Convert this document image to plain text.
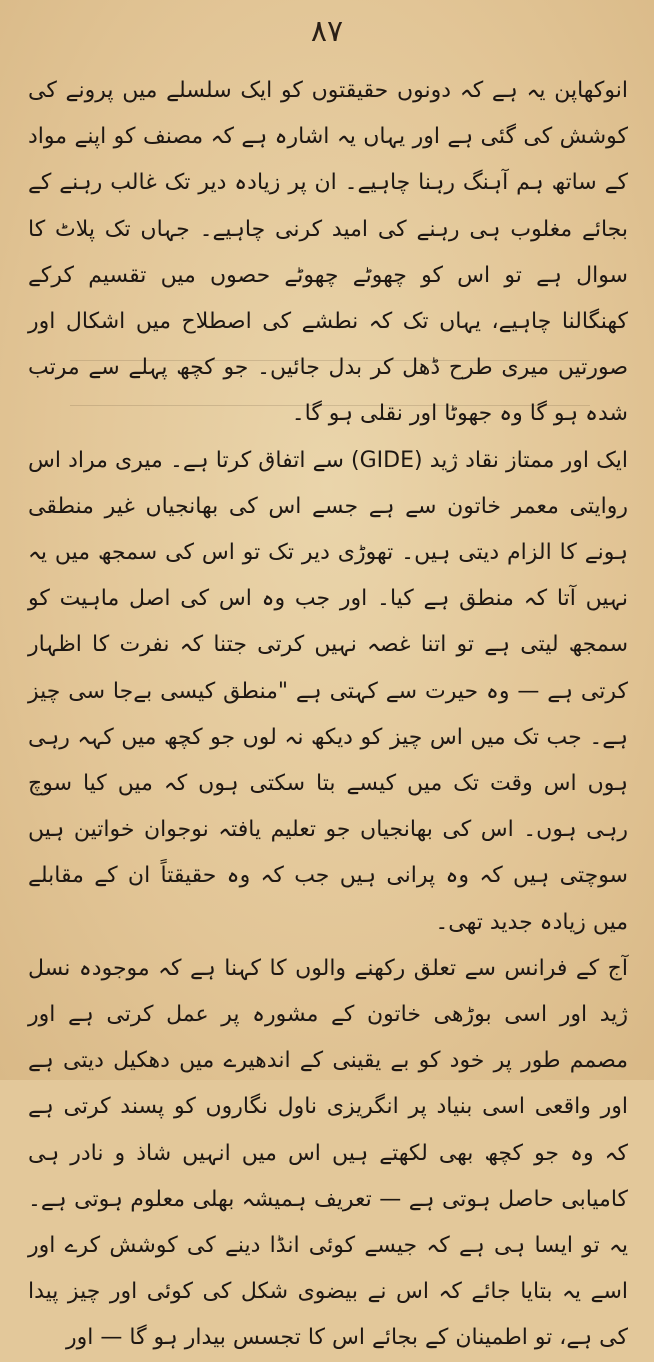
۸۷

انوکھاپن یہ ہے کہ دونوں حقیقتوں کو ایک سلسلے میں پرونے کی کوشش کی گئی ہے اور یہاں یہ اشارہ ہے کہ مصنف کو اپنے مواد کے ساتھ ہم آہنگ رہنا چاہیے۔ ان پر زیادہ دیر تک غالب رہنے کے بجائے مغلوب ہی رہنے کی امید کرنی چاہیے۔ جہاں تک پلاٹ کا سوال ہے تو اس کو چھوٹے چھوٹے حصوں میں تقسیم کرکے کھنگالنا چاہیے، یہاں تک کہ نطشے کی اصطلاح میں اشکال اور صورتیں میری طرح ڈھل کر بدل جائیں۔ جو کچھ پہلے سے مرتب شدہ ہو گا وہ جھوٹا اور نقلی ہو گا۔

ایک اور ممتاز نقاد ژید (GIDE) سے اتفاق کرتا ہے۔ میری مراد اس روایتی معمر خاتون سے ہے جسے اس کی بھانجیاں غیر منطقی ہونے کا الزام دیتی ہیں۔ تھوڑی دیر تک تو اس کی سمجھ میں یہ نہیں آتا کہ منطق ہے کیا۔ اور جب وہ اس کی اصل ماہیت کو سمجھ لیتی ہے تو اتنا غصہ نہیں کرتی جتنا کہ نفرت کا اظہار کرتی ہے — وہ حیرت سے کہتی ہے "منطق کیسی بےجا سی چیز ہے۔ جب تک میں اس چیز کو دیکھ نہ لوں جو کچھ میں کہہ رہی ہوں اس وقت تک میں کیسے بتا سکتی ہوں کہ میں کیا سوچ رہی ہوں۔ اس کی بھانجیاں جو تعلیم یافتہ نوجوان خواتین ہیں سوچتی ہیں کہ وہ پرانی ہیں جب کہ وہ حقیقتاً ان کے مقابلے میں زیادہ جدید تھی۔

آج کے فرانس سے تعلق رکھنے والوں کا کہنا ہے کہ موجودہ نسل ژید اور اسی بوڑھی خاتون کے مشورہ پر عمل کرتی ہے اور مصمم طور پر خود کو بے یقینی کے اندھیرے میں دھکیل دیتی ہے اور واقعی اسی بنیاد پر انگریزی ناول نگاروں کو پسند کرتی ہے کہ وہ جو کچھ بھی لکھتے ہیں اس میں انہیں شاذ و نادر ہی کامیابی حاصل ہوتی ہے — تعریف ہمیشہ بھلی معلوم ہوتی ہے۔ یہ تو ایسا ہی ہے کہ جیسے کوئی انڈا دینے کی کوشش کرے اور اسے یہ بتایا جائے کہ اس نے بیضوی شکل کی کوئی اور چیز پیدا کی ہے، تو اطمینان کے بجائے اس کا تجسس بیدار ہو گا — اور
